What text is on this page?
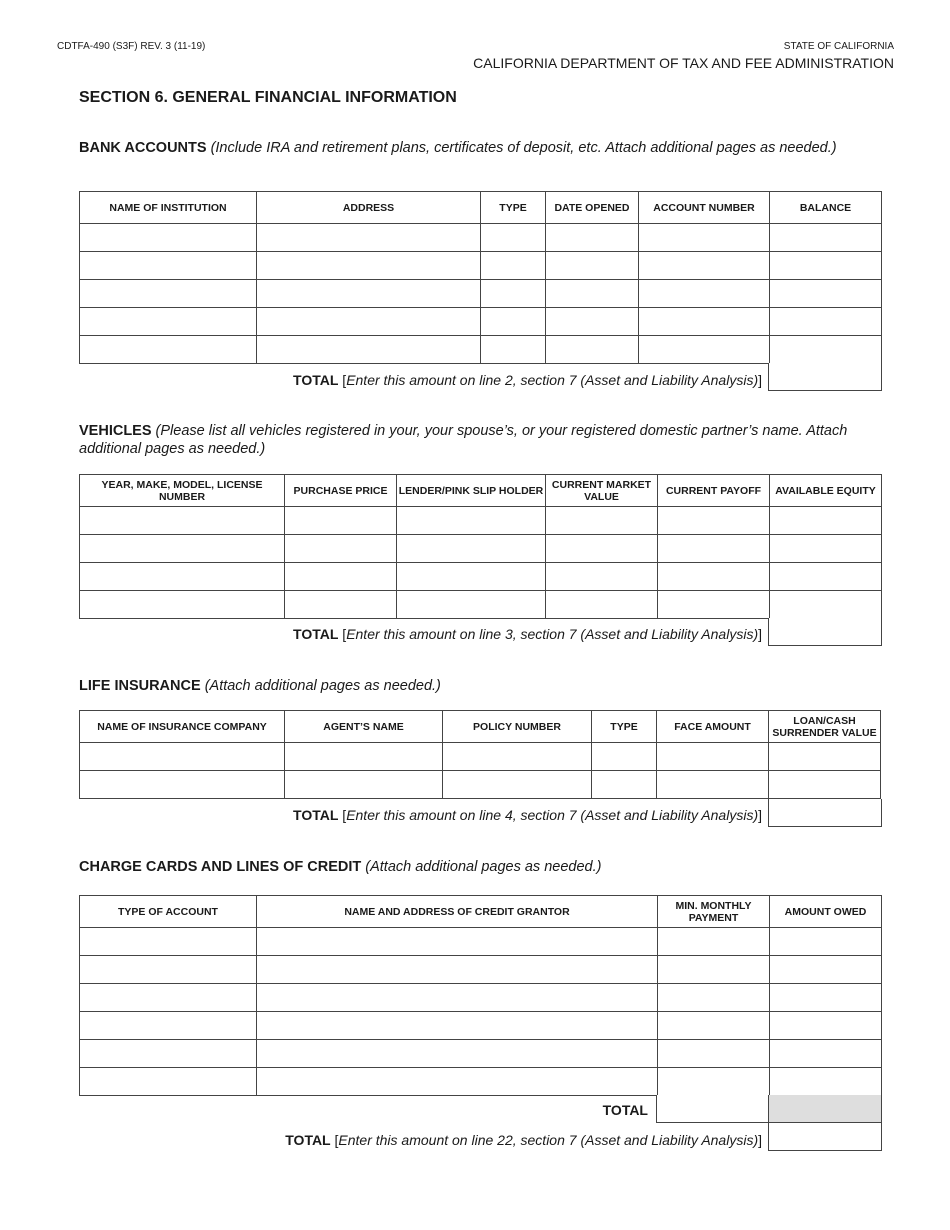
CDTFA-490 (S3F) REV. 3 (11-19)	STATE OF CALIFORNIA
CALIFORNIA DEPARTMENT OF TAX AND FEE ADMINISTRATION
SECTION 6. GENERAL FINANCIAL INFORMATION
BANK ACCOUNTS (Include IRA and retirement plans, certificates of deposit, etc. Attach additional pages as needed.)
NAME OF INSTITUTION	ADDRESS	TYPE	DATE OPENED	ACCOUNT NUMBER	BALANCE

TOTAL [Enter this amount on line 2, section 7 (Asset and Liability Analysis)]
VEHICLES (Please list all vehicles registered in your, your spouse’s, or your registered domestic partner’s name. Attach additional pages as needed.)
YEAR, MAKE, MODEL, LICENSE NUMBER	PURCHASE PRICE	LENDER/PINK SLIP HOLDER	CURRENT MARKET VALUE	CURRENT PAYOFF	AVAILABLE EQUITY

TOTAL [Enter this amount on line 3, section 7 (Asset and Liability Analysis)]
LIFE INSURANCE (Attach additional pages as needed.)
NAME OF INSURANCE COMPANY	AGENT’S NAME	POLICY NUMBER	TYPE	FACE AMOUNT	LOAN/CASH SURRENDER VALUE

TOTAL [Enter this amount on line 4, section 7 (Asset and Liability Analysis)]
CHARGE CARDS AND LINES OF CREDIT (Attach additional pages as needed.)
TYPE OF ACCOUNT	NAME AND ADDRESS OF CREDIT GRANTOR	MIN. MONTHLY PAYMENT	AMOUNT OWED

TOTAL
TOTAL [Enter this amount on line 22, section 7 (Asset and Liability Analysis)]
